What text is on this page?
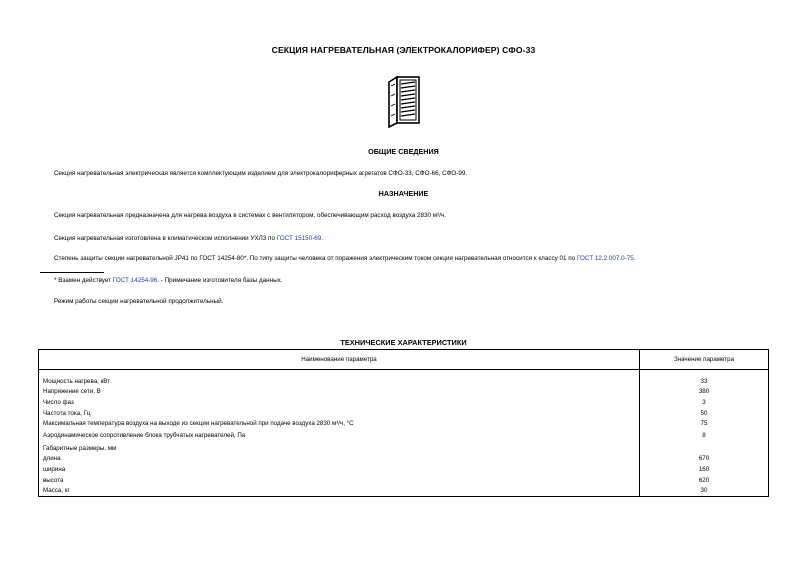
СЕКЦИЯ НАГРЕВАТЕЛЬНАЯ (ЭЛЕКТРОКАЛОРИФЕР) СФО-33
ОБЩИЕ СВЕДЕНИЯ
Секция нагревательная электрическая является комплектующим изделием для электрокалориферных агрегатов СФО-33, СФО-66, СФО-99.
НАЗНАЧЕНИЕ
Секция нагревательная предназначена для нагрева воздуха в системах с вентилятором, обеспечивающим расход воздуха 2830 м³/ч.
Секция нагревательная изготовлена в климатическом исполнении УХЛ3 по ГОСТ 15150-69.
Степень защиты секции нагревательной JP41 по ГОСТ 14254-80*. По типу защиты человека от поражения электрическим током секция нагревательная относится к классу 01 по ГОСТ 12.2.007.0-75.
* Взамен действует ГОСТ 14254-96. - Примечание изготовителя базы данных.
Режим работы секции нагревательной продолжительный.
ТЕХНИЧЕСКИЕ ХАРАКТЕРИСТИКИ
Наименование параметра	Значение параметра

Мощность нагрева, кВт	33
Напряжение сети, В	380
Число фаз	3
Частота тока, Гц	50
Максимальная температура воздуха на выходе из секции нагревательной при подаче воздуха 2830 м³/ч, °С	75
Аэродинамическое сопротивление блока трубчатых нагревателей, Па	8
Габаритные размеры, мм	
длина	670
ширина	160
высота	620
Масса, кг	30
